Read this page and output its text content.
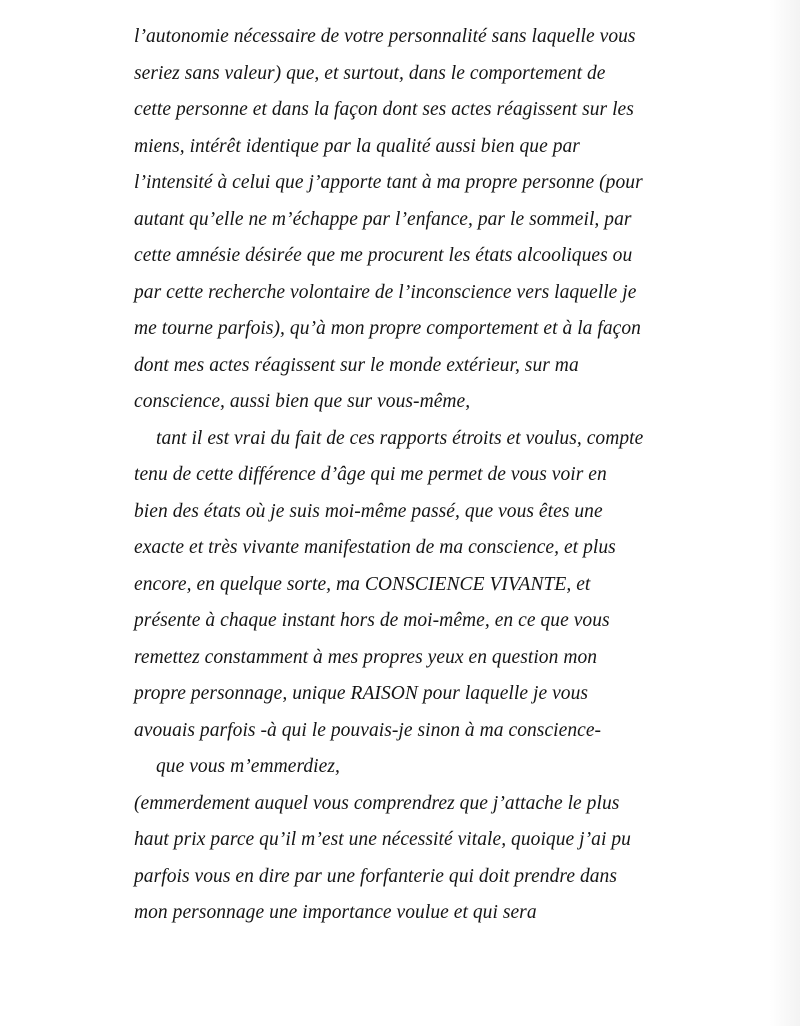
l’autonomie nécessaire de votre personnalité sans laquelle vous
seriez sans valeur) que, et surtout, dans le comportement de
cette personne et dans la façon dont ses actes réagissent sur les
miens, intérêt identique par la qualité aussi bien que par
l’intensité à celui que j’apporte tant à ma propre personne (pour
autant qu’elle ne m’échappe par l’enfance, par le sommeil, par
cette amnésie désirée que me procurent les états alcooliques ou
par cette recherche volontaire de l’inconscience vers laquelle je
me tourne parfois), qu’à mon propre comportement et à la façon
dont mes actes réagissent sur le monde extérieur, sur ma
conscience, aussi bien que sur vous-même,
tant il est vrai du fait de ces rapports étroits et voulus, compte
tenu de cette différence d’âge qui me permet de vous voir en
bien des états où je suis moi-même passé, que vous êtes une
exacte et très vivante manifestation de ma conscience, et plus
encore, en quelque sorte, ma CONSCIENCE VIVANTE, et
présente à chaque instant hors de moi-même, en ce que vous
remettez constamment à mes propres yeux en question mon
propre personnage, unique RAISON pour laquelle je vous
avouais parfois -à qui le pouvais-je sinon à ma conscience-
que vous m’emmerdiez,
(emmerdement auquel vous comprendrez que j’attache le plus
haut prix parce qu’il m’est une nécessité vitale, quoique j’ai pu
parfois vous en dire par une forfanterie qui doit prendre dans
mon personnage une importance voulue et qui sera
